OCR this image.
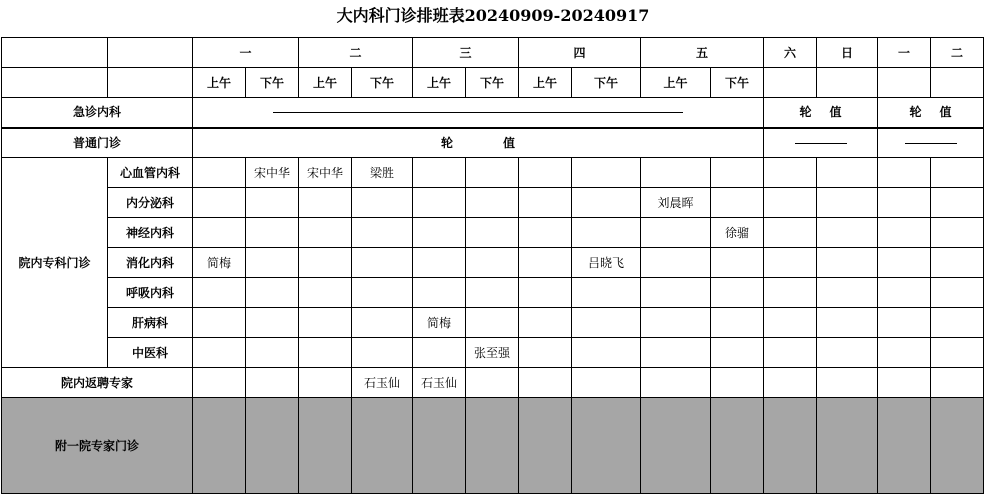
大内科门诊排班表20240909-20240917
		一		二		三		四		五		六	日	一	二
		上午	下午	上午	下午	上午	下午	上午	下午	上午	下午				
急诊内科												轮 值		轮 值	
普通门诊		轮 值													
院内专科门诊	心血管内科		宋中华	宋中华	梁胜										
	内分泌科									刘晨晖					
	神经内科										徐骝				
	消化内科	简梅							吕晓飞						
	呼吸内科														
	肝病科					简梅									
	中医科						张至强								
院内返聘专家					石玉仙	石玉仙									
附一院专家门诊															
